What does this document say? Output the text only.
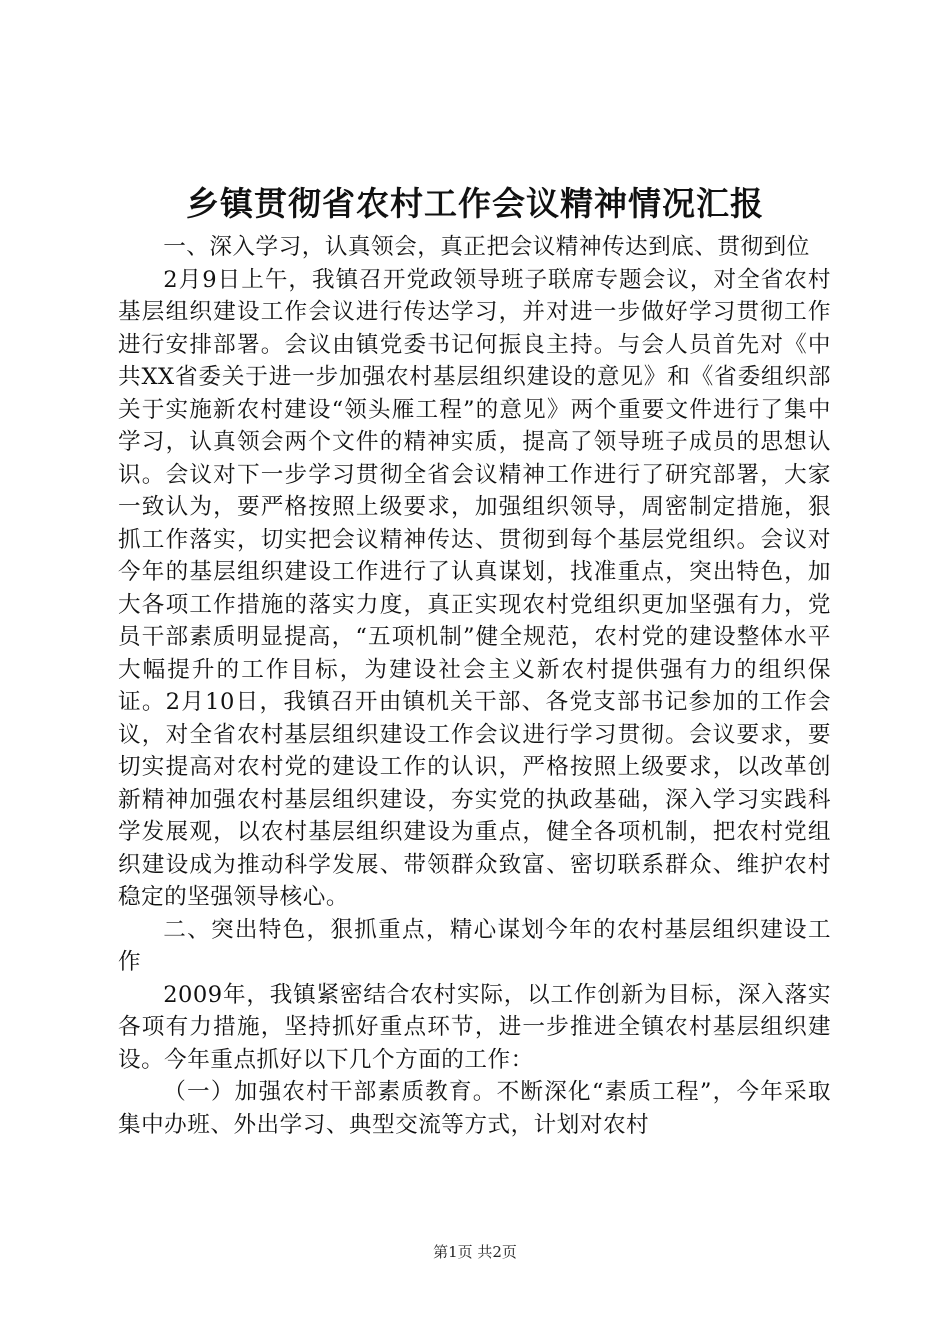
乡镇贯彻省农村工作会议精神情况汇报

一、深入学习，认真领会，真正把会议精神传达到底、贯彻到位

2月9日上午，我镇召开党政领导班子联席专题会议，对全省农村基层组织建设工作会议进行传达学习，并对进一步做好学习贯彻工作进行安排部署。会议由镇党委书记何振良主持。与会人员首先对《中共XX省委关于进一步加强农村基层组织建设的意见》和《省委组织部关于实施新农村建设“领头雁工程”的意见》两个重要文件进行了集中学习，认真领会两个文件的精神实质，提高了领导班子成员的思想认识。会议对下一步学习贯彻全省会议精神工作进行了研究部署，大家一致认为，要严格按照上级要求，加强组织领导，周密制定措施，狠抓工作落实，切实把会议精神传达、贯彻到每个基层党组织。会议对今年的基层组织建设工作进行了认真谋划，找准重点，突出特色，加大各项工作措施的落实力度，真正实现农村党组织更加坚强有力，党员干部素质明显提高，“五项机制”健全规范，农村党的建设整体水平大幅提升的工作目标，为建设社会主义新农村提供强有力的组织保证。2月10日，我镇召开由镇机关干部、各党支部书记参加的工作会议，对全省农村基层组织建设工作会议进行学习贯彻。会议要求，要切实提高对农村党的建设工作的认识，严格按照上级要求，以改革创新精神加强农村基层组织建设，夯实党的执政基础，深入学习实践科学发展观，以农村基层组织建设为重点，健全各项机制，把农村党组织建设成为推动科学发展、带领群众致富、密切联系群众、维护农村稳定的坚强领导核心。

二、突出特色，狠抓重点，精心谋划今年的农村基层组织建设工作

2009年，我镇紧密结合农村实际，以工作创新为目标，深入落实各项有力措施，坚持抓好重点环节，进一步推进全镇农村基层组织建设。今年重点抓好以下几个方面的工作：

（一）加强农村干部素质教育。不断深化“素质工程”，今年采取集中办班、外出学习、典型交流等方式，计划对农村

第1页 共2页
